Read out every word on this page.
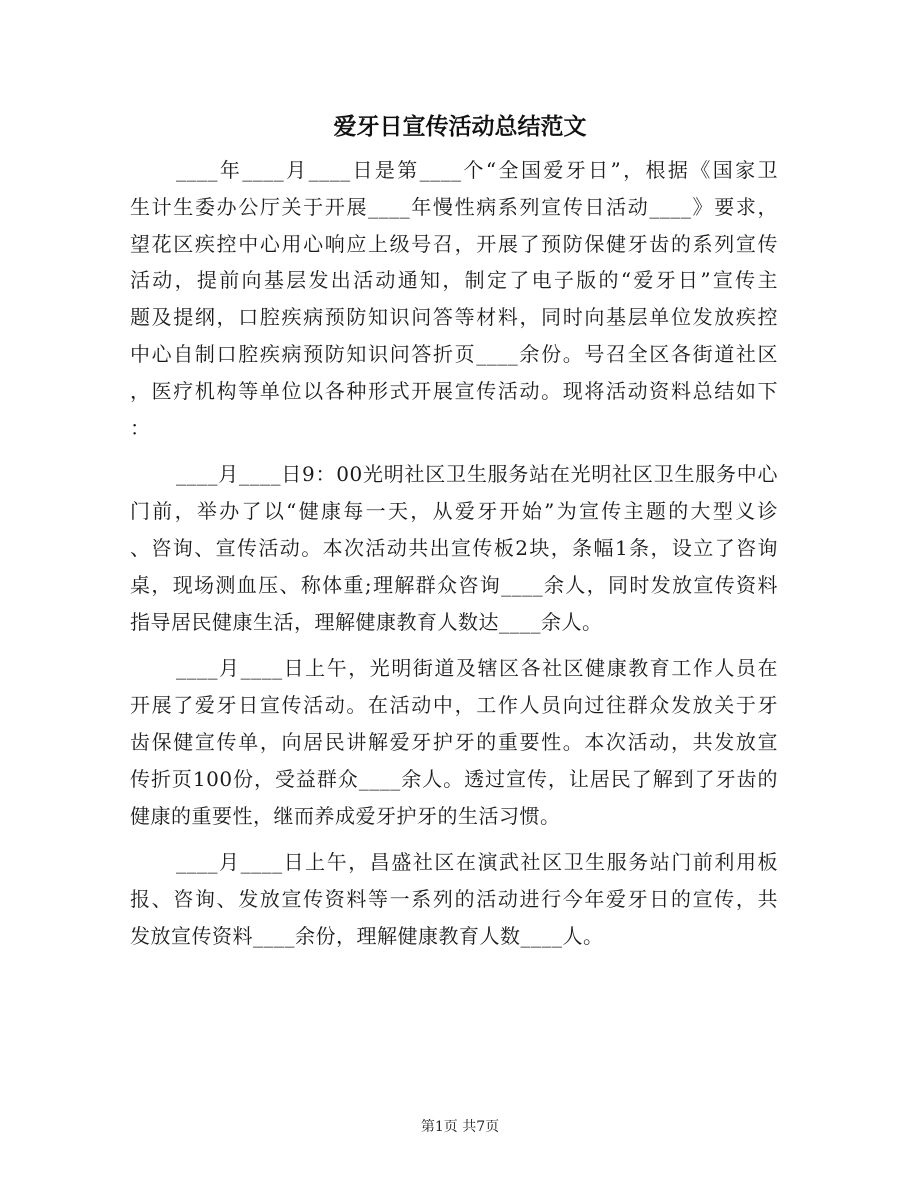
爱牙日宣传活动总结范文
____年____月____日是第____个“全国爱牙日”，根据《国家卫
生计生委办公厅关于开展____年慢性病系列宣传日活动____》要求，
望花区疾控中心用心响应上级号召，开展了预防保健牙齿的系列宣传
活动，提前向基层发出活动通知，制定了电子版的“爱牙日”宣传主
题及提纲，口腔疾病预防知识问答等材料，同时向基层单位发放疾控
中心自制口腔疾病预防知识问答折页____余份。号召全区各街道社区
，医疗机构等单位以各种形式开展宣传活动。现将活动资料总结如下
：
____月____日9：00光明社区卫生服务站在光明社区卫生服务中心
门前，举办了以“健康每一天，从爱牙开始”为宣传主题的大型义诊
、咨询、宣传活动。本次活动共出宣传板2块，条幅1条，设立了咨询
桌，现场测血压、称体重;理解群众咨询____余人，同时发放宣传资料
指导居民健康生活，理解健康教育人数达____余人。
____月____日上午，光明街道及辖区各社区健康教育工作人员在
开展了爱牙日宣传活动。在活动中，工作人员向过往群众发放关于牙
齿保健宣传单，向居民讲解爱牙护牙的重要性。本次活动，共发放宣
传折页100份，受益群众____余人。透过宣传，让居民了解到了牙齿的
健康的重要性，继而养成爱牙护牙的生活习惯。
____月____日上午，昌盛社区在演武社区卫生服务站门前利用板
报、咨询、发放宣传资料等一系列的活动进行今年爱牙日的宣传，共
发放宣传资料____余份，理解健康教育人数____人。
第1页 共7页
